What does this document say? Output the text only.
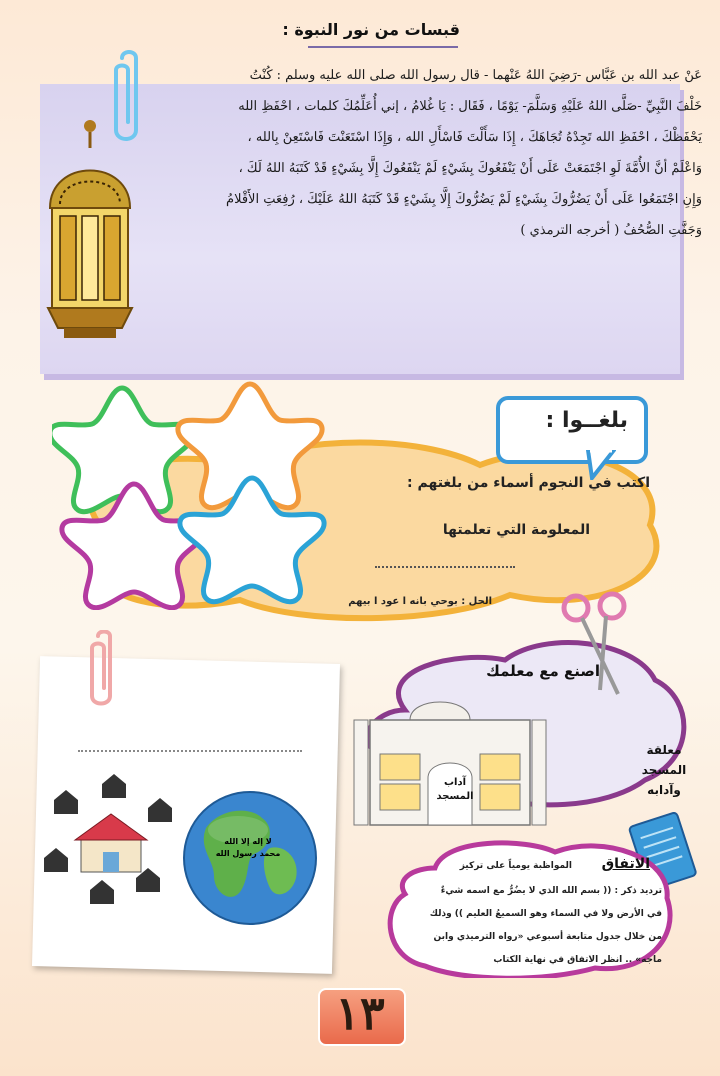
قبسات من نور النبوة :
عَنْ عبد الله بن عَبَّاس -رَضِيَ اللهُ عَنْهما - قال رسول الله صلى الله عليه وسلم : كُنْتُ
خَلْفَ النَّبِيِّ -صَلَّى اللهُ عَلَيْهِ وَسَلَّمَ- يَوْمًا ، فَقَال : يَا غُلامُ ، إني أُعَلِّمُكَ كلمات ، احْفَظِ الله
يَحْفَظْكَ ، احْفَظِ الله تَجِدْهُ تُجَاهَكَ ، إِذَا سَأَلْتَ فَاسْأَلِ الله ، وَإِذَا اسْتَعَنْتَ فَاسْتَعِنْ بِالله ،
وَاعْلَمْ أنَّ الأُمَّةَ لَوِ اجْتَمَعَتْ عَلَى أَنْ يَنْفَعُوكَ بِشَيْءٍ لَمْ يَنْفَعُوكَ إِلَّا بِشَيْءٍ قَدْ كَتَبَهُ اللهُ لَكَ ،
وَإِنِ اجْتَمَعُوا عَلَى أَنْ يَضُرُّوكَ بِشَيْءٍ لَمْ يَضُرُّوكَ إِلَّا بِشَيْءٍ قَدْ كَتَبَهُ اللهُ عَلَيْكَ ، رُفِعَتِ الأَقْلامُ
وَجَفَّتِ الصُّحُفُ ( أخرجه الترمذي )
بلغــوا :
اكتب في النجوم أسماء من بلغتهم :
المعلومة التي تعلمتها
الحل : بوحي بانه ا عود ا بيهم
لا إله إلا الله
محمد رسول الله
اصنع مع معلمك
آداب
المسجد
معلقة المسجد
وآدابه
الاتفاق
المواظبة يومياً على تركيز
ترديد ذكر : (( بسم الله الذي لا يضُرُّ مع اسمه شيءٌ
في الأرض ولا في السماء وهو السميعُ العليم )) وذلك
من خلال جدول متابعة أسبوعي «رواه الترميذي وابن
ماجه» .. انظر الاتفاق في نهاية الكتاب
١٣
